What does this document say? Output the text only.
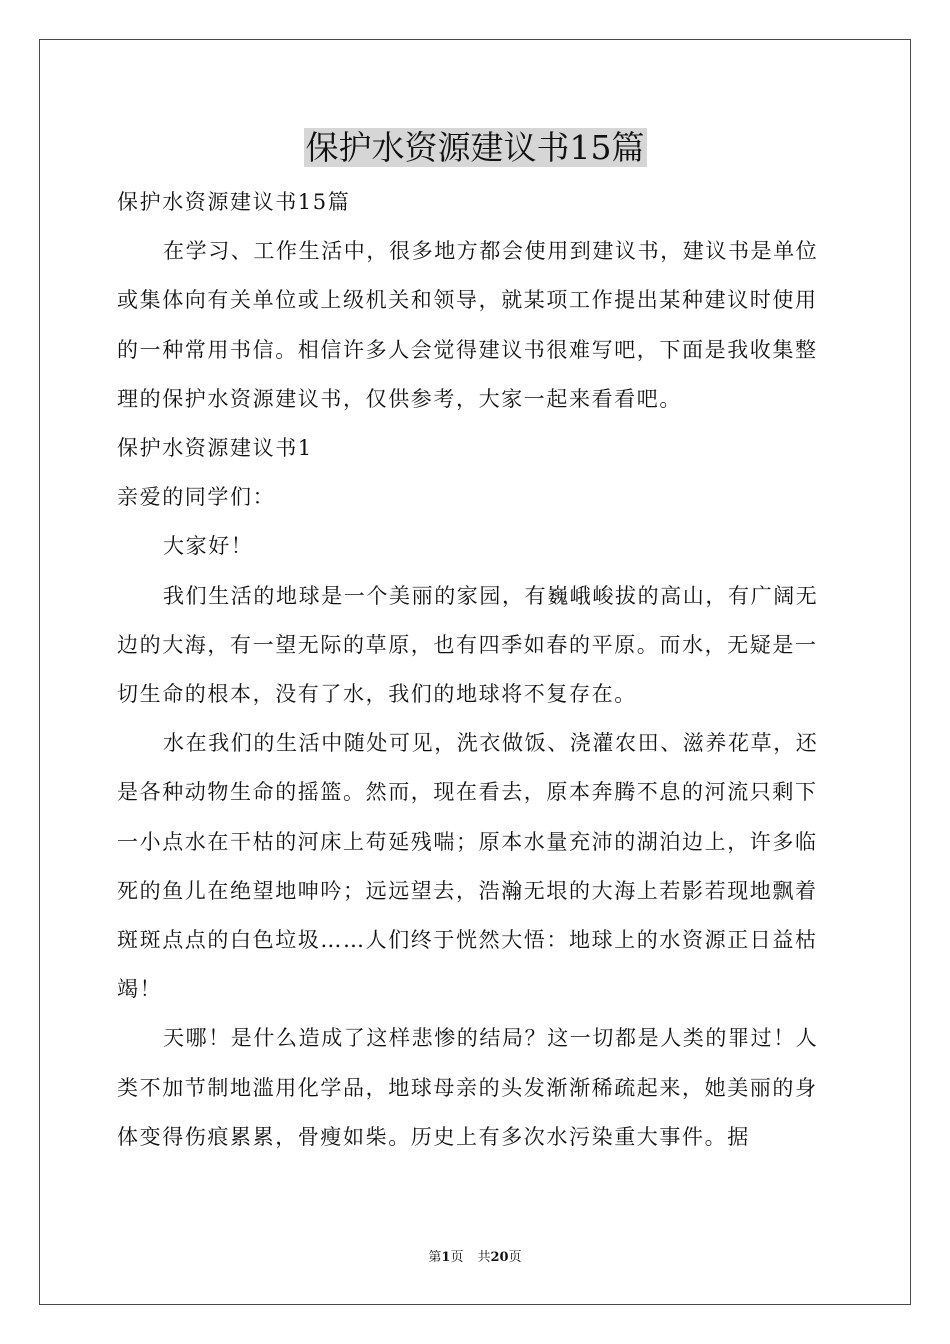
保护水资源建议书15篇

保护水资源建议书15篇

在学习、工作生活中，很多地方都会使用到建议书，建议书是单位或集体向有关单位或上级机关和领导，就某项工作提出某种建议时使用的一种常用书信。相信许多人会觉得建议书很难写吧，下面是我收集整理的保护水资源建议书，仅供参考，大家一起来看看吧。

保护水资源建议书1

亲爱的同学们：

大家好！

我们生活的地球是一个美丽的家园，有巍峨峻拔的高山，有广阔无边的大海，有一望无际的草原，也有四季如春的平原。而水，无疑是一切生命的根本，没有了水，我们的地球将不复存在。

水在我们的生活中随处可见，洗衣做饭、浇灌农田、滋养花草，还是各种动物生命的摇篮。然而，现在看去，原本奔腾不息的河流只剩下一小点水在干枯的河床上苟延残喘；原本水量充沛的湖泊边上，许多临死的鱼儿在绝望地呻吟；远远望去，浩瀚无垠的大海上若影若现地飘着斑斑点点的白色垃圾……人们终于恍然大悟：地球上的水资源正日益枯竭！

天哪！是什么造成了这样悲惨的结局？这一切都是人类的罪过！人类不加节制地滥用化学品，地球母亲的头发渐渐稀疏起来，她美丽的身体变得伤痕累累，骨瘦如柴。历史上有多次水污染重大事件。据

第1页 共20页
